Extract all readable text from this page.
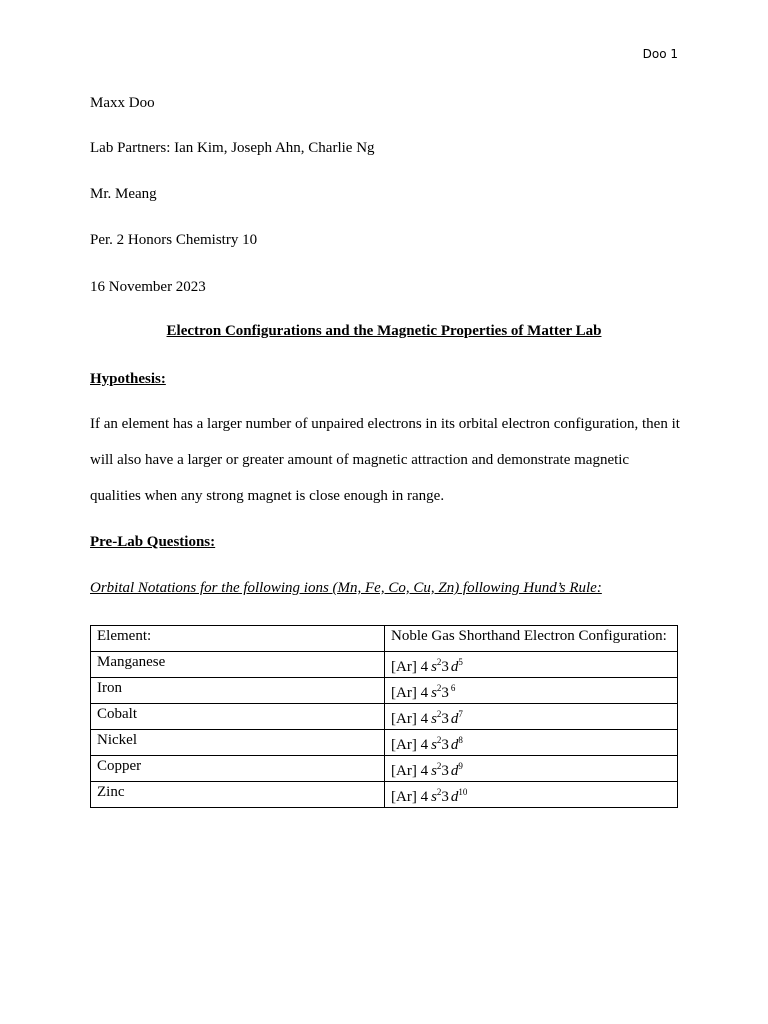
Doo 1
Maxx Doo
Lab Partners: Ian Kim, Joseph Ahn, Charlie Ng
Mr. Meang
Per. 2 Honors Chemistry 10
16 November 2023
Electron Configurations and the Magnetic Properties of Matter Lab
Hypothesis:
If an element has a larger number of unpaired electrons in its orbital electron configuration, then it will also have a larger or greater amount of magnetic attraction and demonstrate magnetic qualities when any strong magnet is close enough in range.
Pre-Lab Questions:
Orbital Notations for the following ions (Mn, Fe, Co, Cu, Zn) following Hund’s Rule:
Element:	Noble Gas Shorthand Electron Configuration:
Manganese	[Ar] 4 $s^23$ $d^5$
Iron	[Ar] 4 $s^23$ $^6$
Cobalt	[Ar] 4 $s^23$ $d^7$
Nickel	[Ar] 4 $s^23$ $d^8$
Copper	[Ar] 4 $s^23$ $d^9$
Zinc	[Ar] 4 $s^23$ $d^{10}$
